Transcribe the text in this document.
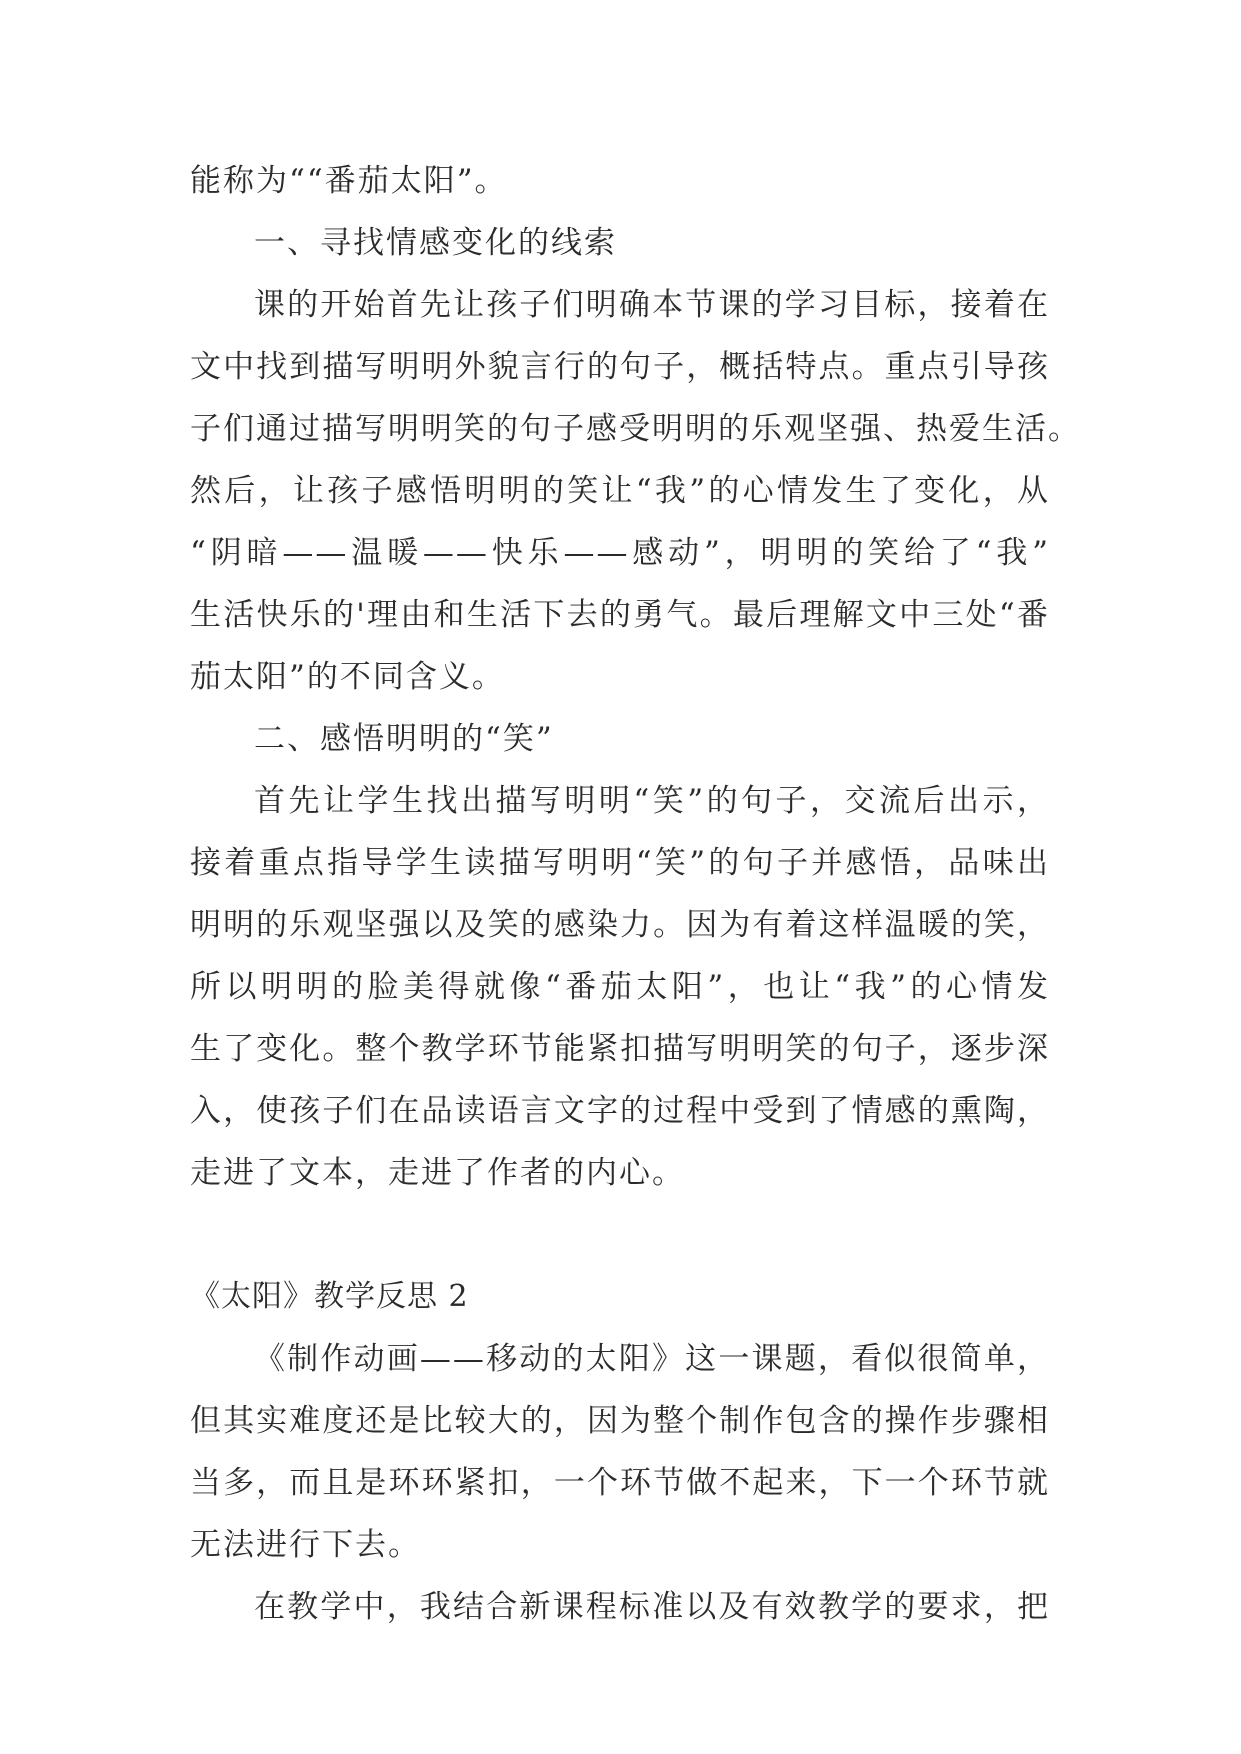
能称为““番茄太阳”。
一、寻找情感变化的线索
课的开始首先让孩子们明确本节课的学习目标，接着在
文中找到描写明明外貌言行的句子，概括特点。重点引导孩
子们通过描写明明笑的句子感受明明的乐观坚强、热爱生活。
然后，让孩子感悟明明的笑让“我”的心情发生了变化，从
“阴暗——温暖——快乐——感动”，明明的笑给了“我”
生活快乐的'理由和生活下去的勇气。最后理解文中三处“番
茄太阳”的不同含义。
二、感悟明明的“笑”
首先让学生找出描写明明“笑”的句子，交流后出示，
接着重点指导学生读描写明明“笑”的句子并感悟，品味出
明明的乐观坚强以及笑的感染力。因为有着这样温暖的笑，
所以明明的脸美得就像“番茄太阳”，也让“我”的心情发
生了变化。整个教学环节能紧扣描写明明笑的句子，逐步深
入，使孩子们在品读语言文字的过程中受到了情感的熏陶，
走进了文本，走进了作者的内心。
《太阳》教学反思 2
《制作动画——移动的太阳》这一课题，看似很简单，
但其实难度还是比较大的，因为整个制作包含的操作步骤相
当多，而且是环环紧扣，一个环节做不起来，下一个环节就
无法进行下去。
在教学中，我结合新课程标准以及有效教学的要求，把
